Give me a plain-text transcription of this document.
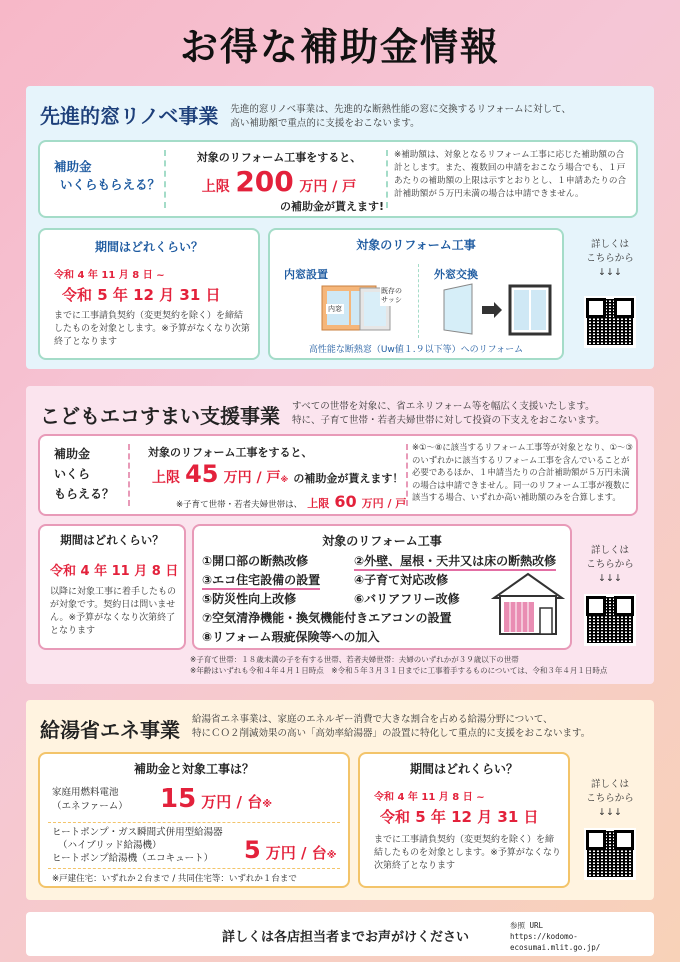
お得な補助金情報
先進的窓リノベ事業 先進的窓リノベ事業は、先進的な断熱性能の窓に交換するリフォームに対して、
高い補助額で重点的に支援をおこないます。
補助金
いくらもらえる？
対象のリフォーム工事をすると、
上限 200 万円 / 戸
の補助金が貰えます!
※補助額は、対象となるリフォーム工事に応じた補助額の合計とします。また、複数回の申請をおこなう場合でも、１戸あたりの補助額の上限は示すとおりとし、１申請あたりの合計補助額が５万円未満の場合は申請できません。
期間はどれくらい？
令和 4 年 11 月 8 日 ~
令和 5 年 12 月 31 日
までに工事請負契約（変更契約を除く）を締結したものを対象とします。※予算がなくなり次第終了となります
対象のリフォーム工事
内窓設置	外窓交換
内窓
既存の
サッシ
高性能な断熱窓（Uw値１.９以下等）へのリフォーム
詳しくは
こちらから
↓↓↓
こどもエコすまい支援事業 すべての世帯を対象に、省エネリフォーム等を幅広く支援いたします。
特に、子育て世帯・若者夫婦世帯に対して投資の下支えをおこないます。
補助金
いくら
もらえる？
対象のリフォーム工事をすると、
上限 45 万円 / 戸※ の補助金が貰えます！
※子育て世帯・若者夫婦世帯は、 上限 60 万円 / 戸
※①～⑧に該当するリフォーム工事等が対象となり、①～③のいずれかに該当するリフォーム工事を含んでいることが必要であるほか、１申請当たりの合計補助額が５万円未満の場合は申請できません。同一のリフォーム工事が複数に該当する場合、いずれか高い補助額のみを合算します。
期間はどれくらい？
令和 4 年 11 月 8 日
以降に対象工事に着手したものが対象です。契約日は問いません。※予算がなくなり次第終了となります
対象のリフォーム工事
①開口部の断熱改修	②外壁、屋根・天井又は床の断熱改修
③エコ住宅設備の設置	④子育て対応改修
⑤防災性向上改修	⑥バリアフリー改修
⑦空気清浄機能・換気機能付きエアコンの設置
⑧リフォーム瑕疵保険等への加入
詳しくは
こちらから
↓↓↓
※子育て世帯：１８歳未満の子を有する世帯、若者夫婦世帯：夫婦のいずれかが３９歳以下の世帯
※年齢はいずれも令和４年４月１日時点　※令和５年３月３１日までに工事着手するものについては、令和３年４月１日時点
給湯省エネ事業 給湯省エネ事業は、家庭のエネルギー消費で大きな割合を占める給湯分野について、
特にＣＯ２削減効果の高い「高効率給湯器」の設置に特化して重点的に支援をおこないます。
補助金と対象工事は？
家庭用燃料電池
（エネファーム） 15 万円 / 台※
ヒートポンプ・ガス瞬間式併用型給湯器
（ハイブリッド給湯機）
ヒートポンプ給湯機（エコキュート）	5 万円 / 台※
※戸建住宅：いずれか２台まで / 共同住宅等：いずれか１台まで
期間はどれくらい？
令和 4 年 11 月 8 日 ~
令和 5 年 12 月 31 日
までに工事請負契約（変更契約を除く）を締結したものを対象とします。※予算がなくなり次第終了となります
詳しくは
こちらから
↓↓↓
詳しくは各店担当者までお声がけください
参照 URL
https://kodomo-ecosumai.mlit.go.jp/
